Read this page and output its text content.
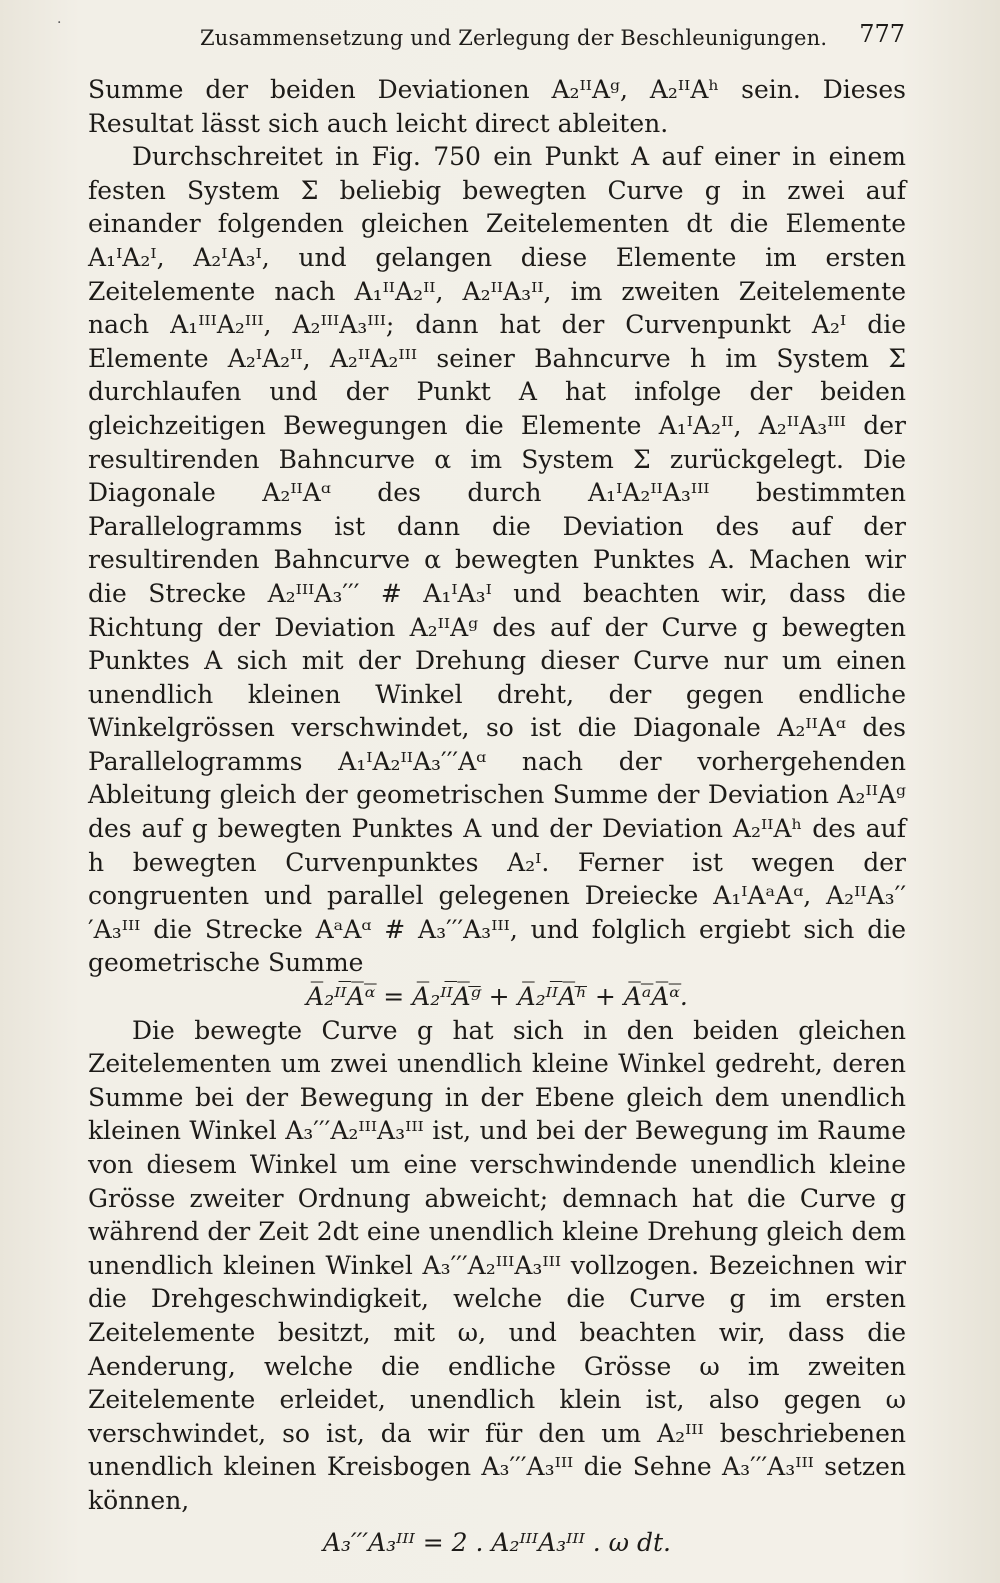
·
Zusammensetzung und Zerlegung der Beschleunigungen. 777

Summe der beiden Deviationen A₂ᴵᴵAᵍ, A₂ᴵᴵAʰ sein. Dieses Resultat lässt sich auch leicht direct ableiten.

Durchschreitet in Fig. 750 ein Punkt A auf einer in einem festen System Σ beliebig bewegten Curve g in zwei auf einander folgenden gleichen Zeitelementen dt die Elemente A₁ᴵA₂ᴵ, A₂ᴵA₃ᴵ, und gelangen diese Elemente im ersten Zeitelemente nach A₁ᴵᴵA₂ᴵᴵ, A₂ᴵᴵA₃ᴵᴵ, im zweiten Zeitelemente nach A₁ᴵᴵᴵA₂ᴵᴵᴵ, A₂ᴵᴵᴵA₃ᴵᴵᴵ; dann hat der Curvenpunkt A₂ᴵ die Elemente A₂ᴵA₂ᴵᴵ, A₂ᴵᴵA₂ᴵᴵᴵ seiner Bahncurve h im System Σ durchlaufen und der Punkt A hat infolge der beiden gleichzeitigen Bewegungen die Elemente A₁ᴵA₂ᴵᴵ, A₂ᴵᴵA₃ᴵᴵᴵ der resultirenden Bahncurve α im System Σ zurückgelegt. Die Diagonale A₂ᴵᴵAᵅ des durch A₁ᴵA₂ᴵᴵA₃ᴵᴵᴵ bestimmten Parallelogramms ist dann die Deviation des auf der resultirenden Bahncurve α bewegten Punktes A. Machen wir die Strecke A₂ᴵᴵᴵA₃′′′ # A₁ᴵA₃ᴵ und beachten wir, dass die Richtung der Deviation A₂ᴵᴵAᵍ des auf der Curve g bewegten Punktes A sich mit der Drehung dieser Curve nur um einen unendlich kleinen Winkel dreht, der gegen endliche Winkelgrössen verschwindet, so ist die Diagonale A₂ᴵᴵAᵅ des Parallelogramms A₁ᴵA₂ᴵᴵA₃′′′Aᵅ nach der vorhergehenden Ableitung gleich der geometrischen Summe der Deviation A₂ᴵᴵAᵍ des auf g bewegten Punktes A und der Deviation A₂ᴵᴵAʰ des auf h bewegten Curvenpunktes A₂ᴵ. Ferner ist wegen der congruenten und parallel gelegenen Dreiecke A₁ᴵAᵃAᵅ, A₂ᴵᴵA₃′′′A₃ᴵᴵᴵ die Strecke AᵃAᵅ # A₃′′′A₃ᴵᴵᴵ, und folglich ergiebt sich die geometrische Summe

A̅₂ᴵᴵ̅A̅ᵅ̅ = A̅₂ᴵᴵ̅A̅ᵍ̅ + A̅₂ᴵᴵ̅A̅ʰ̅ + A̅ᵃ̅A̅ᵅ̅.

Die bewegte Curve g hat sich in den beiden gleichen Zeitelementen um zwei unendlich kleine Winkel gedreht, deren Summe bei der Bewegung in der Ebene gleich dem unendlich kleinen Winkel A₃′′′A₂ᴵᴵᴵA₃ᴵᴵᴵ ist, und bei der Bewegung im Raume von diesem Winkel um eine verschwindende unendlich kleine Grösse zweiter Ordnung abweicht; demnach hat die Curve g während der Zeit 2dt eine unendlich kleine Drehung gleich dem unendlich kleinen Winkel A₃′′′A₂ᴵᴵᴵA₃ᴵᴵᴵ vollzogen. Bezeichnen wir die Drehgeschwindigkeit, welche die Curve g im ersten Zeitelemente besitzt, mit ω, und beachten wir, dass die Aenderung, welche die endliche Grösse ω im zweiten Zeitelemente erleidet, unendlich klein ist, also gegen ω verschwindet, so ist, da wir für den um A₂ᴵᴵᴵ beschriebenen unendlich kleinen Kreisbogen A₃′′′A₃ᴵᴵᴵ die Sehne A₃′′′A₃ᴵᴵᴵ setzen können,

A₃′′′A₃ᴵᴵᴵ = 2 . A₂ᴵᴵᴵA₃ᴵᴵᴵ . ω dt.
